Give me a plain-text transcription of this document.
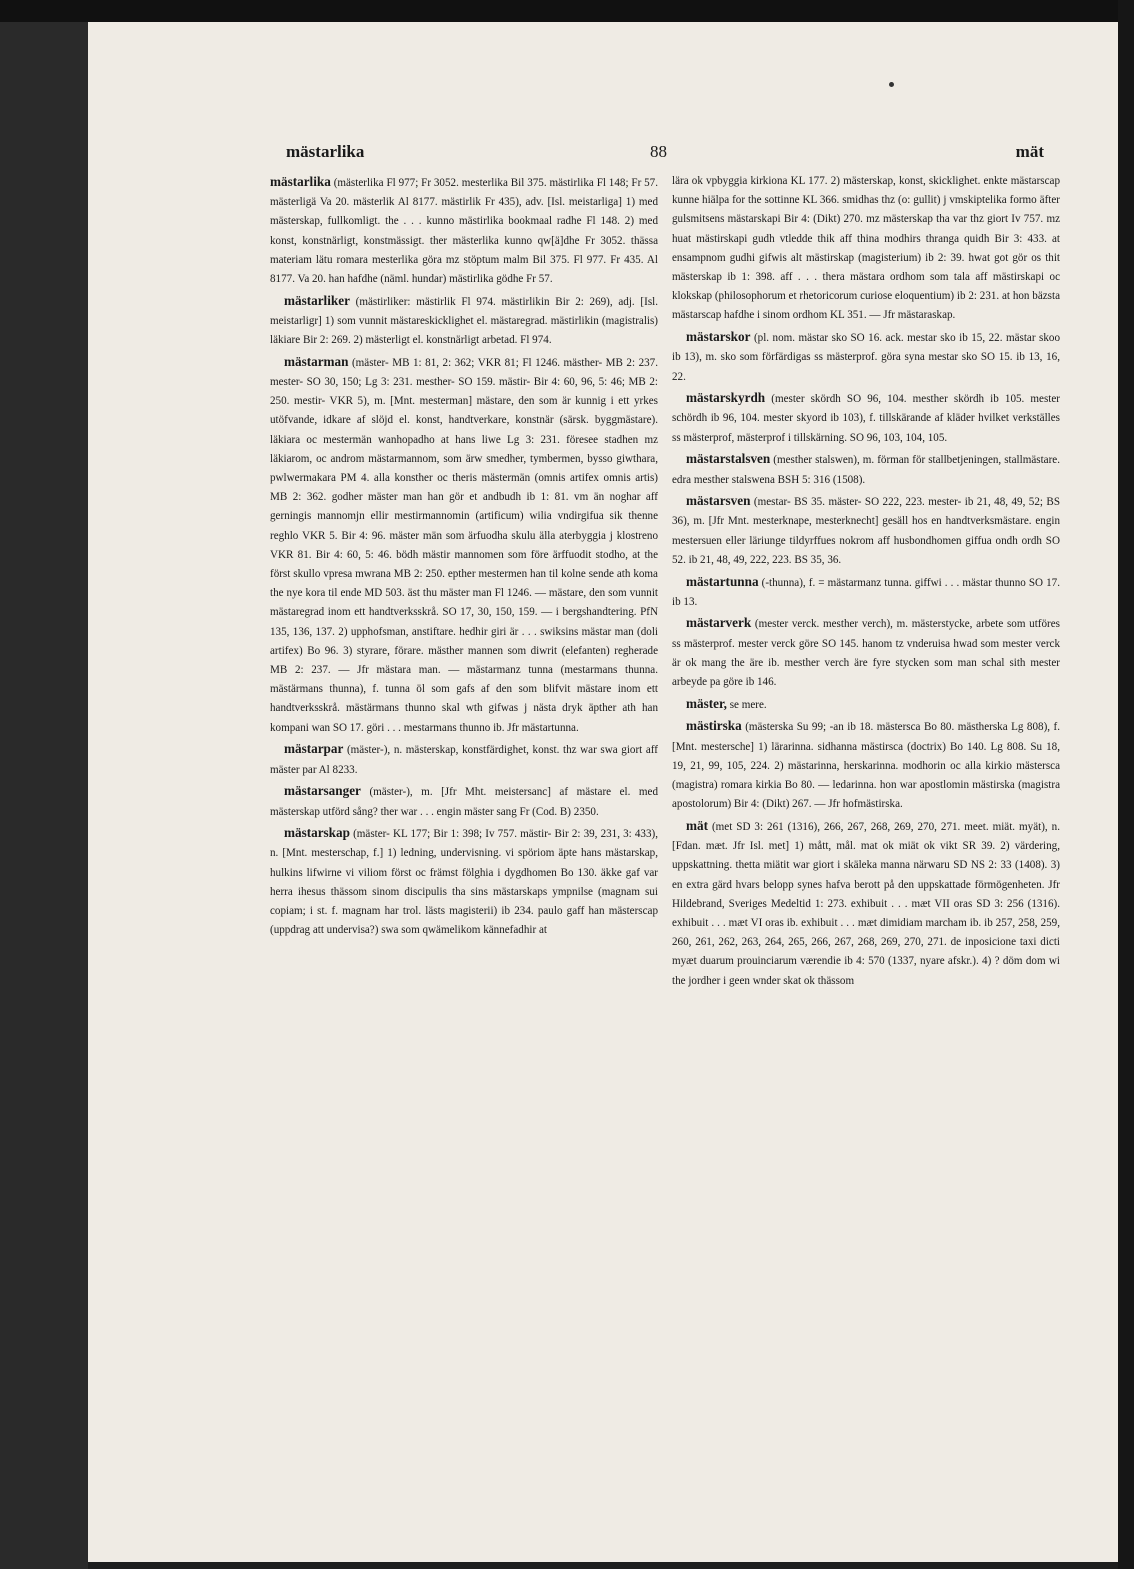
mästarlika	88	mät

mästarlika (mästerlika Fl 977; Fr 3052. mesterlika Bil 375. mästirlika Fl 148; Fr 57. mästerligä Va 20. mästerlik Al 8177. mästirlik Fr 435), adv. [Isl. meistarliga] 1) med mästerskap, fullkomligt. the . . . kunno mästirlika bookmaal radhe Fl 148. 2) med konst, konstnärligt, konstmässigt. ther mästerlika kunno qw[ä]dhe Fr 3052. thässa materiam lätu romara mesterlika göra mz stöptum malm Bil 375. Fl 977. Fr 435. Al 8177. Va 20. han hafdhe (näml. hundar) mästirlika gödhe Fr 57.

mästarliker (mästirliker: mästirlik Fl 974. mästirlikin Bir 2: 269), adj. [Isl. meistarligr] 1) som vunnit mästareskicklighet el. mästaregrad. mästirlikin (magistralis) läkiare Bir 2: 269. 2) mästerligt el. konstnärligt arbetad. Fl 974.

mästarman (mäster- MB 1: 81, 2: 362; VKR 81; Fl 1246. mästher- MB 2: 237. mester- SO 30, 150; Lg 3: 231. mesther- SO 159. mästir- Bir 4: 60, 96, 5: 46; MB 2: 250. mestir- VKR 5), m. [Mnt. mesterman] mästare, den som är kunnig i ett yrkes utöfvande, idkare af slöjd el. konst, handtverkare, konstnär (särsk. byggmästare). läkiara oc mestermän wanhopadho at hans liwe Lg 3: 231. föresee stadhen mz läkiarom, oc androm mästarmannom, som ärw smedher, tymbermen, bysso giwthara, pwlwermakara PM 4. alla konsther oc theris mästermän (omnis artifex omnis artis) MB 2: 362. godher mäster man han gör et andbudh ib 1: 81. vm än noghar aff gerningis mannomjn ellir mestirmannomin (artificum) wilia vndirgifua sik thenne reghlo VKR 5. Bir 4: 96. mäster män som ärfuodha skulu älla aterbyggia j klostreno VKR 81. Bir 4: 60, 5: 46. bödh mästir mannomen som före ärffuodit stodho, at the först skullo vpresa mwrana MB 2: 250. epther mestermen han til kolne sende ath koma the nye kora til ende MD 503. äst thu mäster man Fl 1246. — mästare, den som vunnit mästaregrad inom ett handtverksskrå. SO 17, 30, 150, 159. — i bergshandtering. PfN 135, 136, 137. 2) upphofsman, anstiftare. hedhir giri är . . . swiksins mästar man (doli artifex) Bo 96. 3) styrare, förare. mästher mannen som diwrit (elefanten) regherade MB 2: 237. — Jfr mästara man. — mästarmanz tunna (mestarmans thunna. mästärmans thunna), f. tunna öl som gafs af den som blifvit mästare inom ett handtverksskrå. mästärmans thunno skal wth gifwas j nästa dryk äpther ath han kompani wan SO 17. göri . . . mestarmans thunno ib. Jfr mästartunna.

mästarpar (mäster-), n. mästerskap, konstfärdighet, konst. thz war swa giort aff mäster par Al 8233.

mästarsanger (mäster-), m. [Jfr Mht. meistersanc] af mästare el. med mästerskap utförd sång? ther war . . . engin mäster sang Fr (Cod. B) 2350.

mästarskap (mäster- KL 177; Bir 1: 398; Iv 757. mästir- Bir 2: 39, 231, 3: 433), n. [Mnt. mesterschap, f.] 1) ledning, undervisning. vi spöriom äpte hans mästarskap, hulkins lifwirne vi viliom först oc främst fölghia i dygdhomen Bo 130. äkke gaf var herra ihesus thässom sinom discipulis tha sins mästarskaps ympnilse (magnam sui copiam; i st. f. magnam har trol. lästs magisterii) ib 234. paulo gaff han mästerscap (uppdrag att undervisa?) swa som qwämelikom kännefadhir at

lära ok vpbyggia kirkiona KL 177. 2) mästerskap, konst, skicklighet. enkte mästarscap kunne hiälpa for the sottinne KL 366. smidhas thz (o: gullit) j vmskiptelika formo äfter gulsmitsens mästarskapi Bir 4: (Dikt) 270. mz mästerskap tha var thz giort Iv 757. mz huat mästirskapi gudh vtledde thik aff thina modhirs thranga quidh Bir 3: 433. at ensampnom gudhi gifwis alt mästirskap (magisterium) ib 2: 39. hwat got gör os thit mästerskap ib 1: 398. aff . . . thera mästara ordhom som tala aff mästirskapi oc klokskap (philosophorum et rhetoricorum curiose eloquentium) ib 2: 231. at hon bäzsta mästarscap hafdhe i sinom ordhom KL 351. — Jfr mästaraskap.

mästarskor (pl. nom. mästar sko SO 16. ack. mestar sko ib 15, 22. mästar skoo ib 13), m. sko som förfärdigas ss mästerprof. göra syna mestar sko SO 15. ib 13, 16, 22.

mästarskyrdh (mester skördh SO 96, 104. mesther skördh ib 105. mester schördh ib 96, 104. mester skyord ib 103), f. tillskärande af kläder hvilket verkställes ss mästerprof, mästerprof i tillskärning. SO 96, 103, 104, 105.

mästarstalsven (mesther stalswen), m. förman för stallbetjeningen, stallmästare. edra mesther stalswena BSH 5: 316 (1508).

mästarsven (mestar- BS 35. mäster- SO 222, 223. mester- ib 21, 48, 49, 52; BS 36), m. [Jfr Mnt. mesterknape, mesterknecht] gesäll hos en handtverksmästare. engin mestersuen eller läriunge tildyrffues nokrom aff husbondhomen giffua ondh ordh SO 52. ib 21, 48, 49, 222, 223. BS 35, 36.

mästartunna (-thunna), f. = mästarmanz tunna. giffwi . . . mästar thunno SO 17. ib 13.

mästarverk (mester verck. mesther verch), m. mästerstycke, arbete som utföres ss mästerprof. mester verck göre SO 145. hanom tz vnderuisa hwad som mester verck är ok mang the äre ib. mesther verch äre fyre stycken som man schal sith mester arbeyde pa göre ib 146.

mäster, se mere.

mästirska (mästerska Su 99; -an ib 18. mästersca Bo 80. mästherska Lg 808), f. [Mnt. mestersche] 1) lärarinna. sidhanna mästirsca (doctrix) Bo 140. Lg 808. Su 18, 19, 21, 99, 105, 224. 2) mästarinna, herskarinna. modhorin oc alla kirkio mästersca (magistra) romara kirkia Bo 80. — ledarinna. hon war apostlomin mästirska (magistra apostolorum) Bir 4: (Dikt) 267. — Jfr hofmästirska.

mät (met SD 3: 261 (1316), 266, 267, 268, 269, 270, 271. meet. miät. myät), n. [Fdan. mæt. Jfr Isl. met] 1) mått, mål. mat ok miät ok vikt SR 39. 2) värdering, uppskattning. thetta miätit war giort i skäleka manna närwaru SD NS 2: 33 (1408). 3) en extra gärd hvars belopp synes hafva berott på den uppskattade förmögenheten. Jfr Hildebrand, Sveriges Medeltid 1: 273. exhibuit . . . mæt VII oras SD 3: 256 (1316). exhibuit . . . mæt VI oras ib. exhibuit . . . mæt dimidiam marcham ib. ib 257, 258, 259, 260, 261, 262, 263, 264, 265, 266, 267, 268, 269, 270, 271. de inposicione taxi dicti myæt duarum prouinciarum værendie ib 4: 570 (1337, nyare afskr.). 4) ? döm dom wi the jordher i geen wnder skat ok thässom
